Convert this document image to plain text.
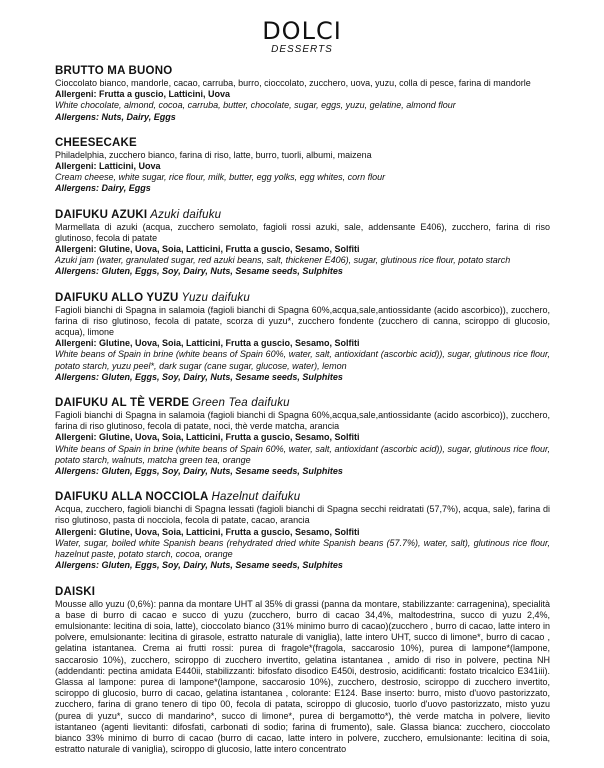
DOLCI
DESSERTS
BRUTTO MA BUONO
Cioccolato bianco, mandorle, cacao, carruba, burro, cioccolato, zucchero, uova, yuzu, colla di pesce, farina di mandorle
Allergeni: Frutta a guscio, Latticini, Uova
White chocolate, almond, cocoa, carruba, butter, chocolate, sugar, eggs, yuzu, gelatine, almond flour
Allergens: Nuts, Dairy, Eggs
CHEESECAKE
Philadelphia, zucchero bianco, farina di riso, latte, burro, tuorli, albumi, maizena
Allergeni: Latticini, Uova
Cream cheese, white sugar, rice flour, milk, butter, egg yolks, egg whites, corn flour
Allergens: Dairy, Eggs
DAIFUKU AZUKI Azuki daifuku
Marmellata di azuki (acqua, zucchero semolato, fagioli rossi azuki, sale, addensante E406), zucchero, farina di riso glutinoso, fecola di patate
Allergeni: Glutine, Uova, Soia, Latticini, Frutta a guscio, Sesamo, Solfiti
Azuki jam (water, granulated sugar, red azuki beans, salt, thickener E406), sugar, glutinous rice flour, potato starch
Allergens: Gluten, Eggs, Soy, Dairy, Nuts, Sesame seeds, Sulphites
DAIFUKU ALLO YUZU Yuzu daifuku
Fagioli bianchi di Spagna in salamoia (fagioli bianchi di Spagna 60%,acqua,sale,antiossidante (acido ascorbico)), zucchero, farina di riso glutinoso, fecola di patate, scorza di yuzu*, zucchero fondente (zucchero di canna, sciroppo di glucosio, acqua), limone
Allergeni: Glutine, Uova, Soia, Latticini, Frutta a guscio, Sesamo, Solfiti
White beans of Spain in brine (white beans of Spain 60%, water, salt, antioxidant (ascorbic acid)), sugar, glutinous rice flour, potato starch, yuzu peel*, dark sugar (cane sugar, glucose, water), lemon
Allergens: Gluten, Eggs, Soy, Dairy, Nuts, Sesame seeds, Sulphites
DAIFUKU AL TÈ VERDE Green Tea daifuku
Fagioli bianchi di Spagna in salamoia (fagioli bianchi di Spagna 60%,acqua,sale,antiossidante (acido ascorbico)), zucchero, farina di riso glutinoso, fecola di patate, noci, thè verde matcha, arancia
Allergeni: Glutine, Uova, Soia, Latticini, Frutta a guscio, Sesamo, Solfiti
White beans of Spain in brine (white beans of Spain 60%, water, salt, antioxidant (ascorbic acid)), sugar, glutinous rice flour, potato starch, walnuts, matcha green tea, orange
Allergens: Gluten, Eggs, Soy, Dairy, Nuts, Sesame seeds, Sulphites
DAIFUKU ALLA NOCCIOLA Hazelnut daifuku
Acqua, zucchero, fagioli bianchi di Spagna lessati (fagioli bianchi di Spagna secchi reidratati (57,7%), acqua, sale), farina di riso glutinoso, pasta di nocciola, fecola di patate, cacao, arancia
Allergeni: Glutine, Uova, Soia, Latticini, Frutta a guscio, Sesamo, Solfiti
Water, sugar, boiled white Spanish beans (rehydrated dried white Spanish beans (57.7%), water, salt), glutinous rice flour, hazelnut paste, potato starch, cocoa, orange
Allergens: Gluten, Eggs, Soy, Dairy, Nuts, Sesame seeds, Sulphites
DAISKI
Mousse allo yuzu (0,6%): panna da montare UHT al 35% di grassi (panna da montare, stabilizzante: carragenina), specialità a base di burro di cacao e succo di yuzu (zucchero, burro di cacao 34,4%, maltodestrina, succo di yuzu 2,4%, emulsionante: lecitina di soia, latte), cioccolato bianco (31% minimo burro di cacao)(zucchero , burro di cacao, latte intero in polvere, emulsionante: lecitina di girasole, estratto naturale di vaniglia), latte intero UHT, succo di limone*, burro di cacao , gelatina istantanea. Crema ai frutti rossi: purea di fragole*(fragola, saccarosio 10%), purea di lampone*(lampone, saccarosio 10%), zucchero, sciroppo di zucchero invertito, gelatina istantanea , amido di riso in polvere, pectina NH (addendanti: pectina amidata E440ii, stabilizzanti: bifosfato disodico E450i, destrosio, acidificanti: fostato tricalcico E341iii). Glassa al lampone: purea di lampone*(lampone, saccarosio 10%), zucchero, destrosio, sciroppo di zucchero invertito, sciroppo di glucosio, burro di cacao, gelatina istantanea , colorante: E124. Base inserto: burro, misto d'uovo pastorizzato, zucchero, farina di grano tenero di tipo 00, fecola di patata, sciroppo di glucosio, tuorlo d'uovo pastorizzato, misto yuzu (purea di yuzu*, succo di mandarino*, succo di limone*, purea di bergamotto*), thè verde matcha in polvere, lievito istantaneo (agenti lievitanti: difosfati, carbonati di sodio; farina di frumento), sale. Glassa bianca: zucchero, cioccolato bianco 33% minimo di burro di cacao (burro di cacao, latte intero in polvere, zucchero, emulsionante: lecitina di soia, estratto naturale di vaniglia), sciroppo di glucosio, latte intero concentrato
